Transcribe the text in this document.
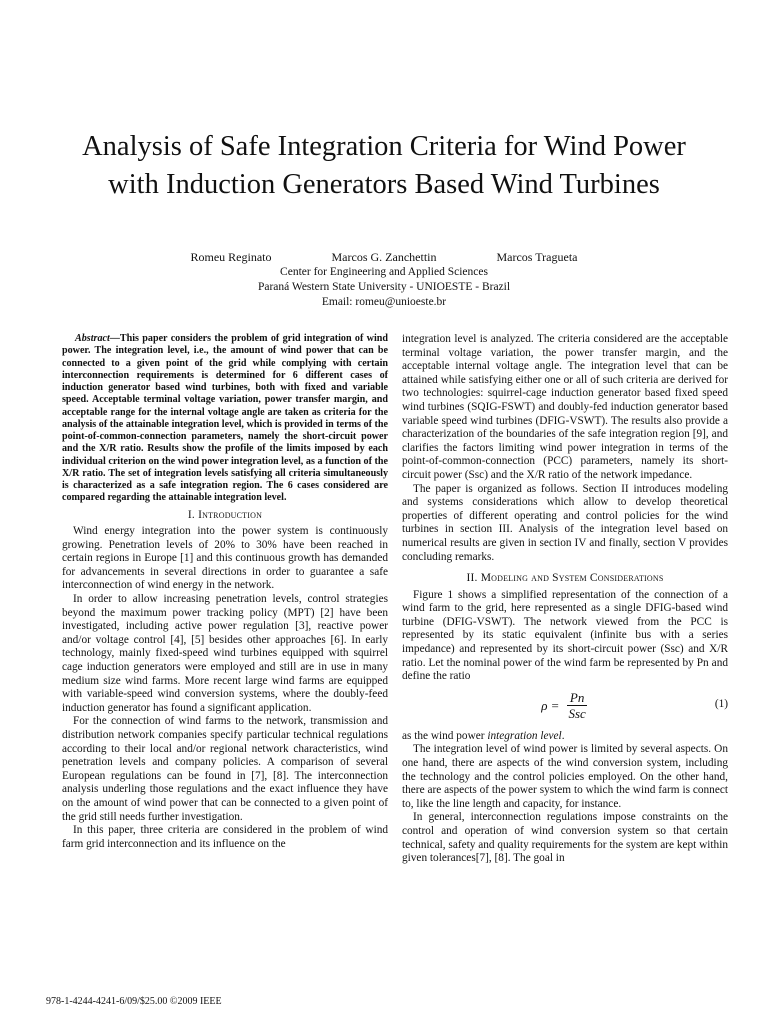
Analysis of Safe Integration Criteria for Wind Power with Induction Generators Based Wind Turbines
Romeu Reginato	Marcos G. Zanchettin	Marcos Tragueta
Center for Engineering and Applied Sciences
Paraná Western State University - UNIOESTE - Brazil
Email: romeu@unioeste.br

Abstract—This paper considers the problem of grid integration of wind power. The integration level, i.e., the amount of wind power that can be connected to a given point of the grid while complying with certain interconnection requirements is determined for 6 different cases of induction generator based wind turbines, both with fixed and variable speed. Acceptable terminal voltage variation, power transfer margin, and acceptable range for the internal voltage angle are taken as criteria for the analysis of the attainable integration level, which is provided in terms of the point-of-common-connection parameters, namely the short-circuit power and the X/R ratio. Results show the profile of the limits imposed by each individual criterion on the wind power integration level, as a function of the X/R ratio. The set of integration levels satisfying all criteria simultaneously is characterized as a safe integration region. The 6 cases considered are compared regarding the attainable integration level.

I. Introduction

Wind energy integration into the power system is continuously growing. Penetration levels of 20% to 30% have been reached in certain regions in Europe [1] and this continuous growth has demanded for advancements in several directions in order to guarantee a safe interconnection of wind energy in the network.

In order to allow increasing penetration levels, control strategies beyond the maximum power tracking policy (MPT) [2] have been investigated, including active power regulation [3], reactive power and/or voltage control [4], [5] besides other approaches [6]. In early technology, mainly fixed-speed wind turbines equipped with squirrel cage induction generators were employed and still are in use in many medium size wind farms. More recent large wind farms are equipped with variable-speed wind conversion systems, where the doubly-feed induction generator has found a significant application.

For the connection of wind farms to the network, transmission and distribution network companies specify particular technical regulations according to their local and/or regional network characteristics, wind penetration levels and company policies. A comparison of several European regulations can be found in [7], [8]. The interconnection analysis underling those regulations and the exact influence they have on the amount of wind power that can be connected to a given point of the grid still needs further investigation.

In this paper, three criteria are considered in the problem of wind farm grid interconnection and its influence on the

integration level is analyzed. The criteria considered are the acceptable terminal voltage variation, the power transfer margin, and the acceptable internal voltage angle. The integration level that can be attained while satisfying either one or all of such criteria are derived for two technologies: squirrel-cage induction generator based fixed speed wind turbines (SQIG-FSWT) and doubly-fed induction generator based variable speed wind turbines (DFIG-VSWT). The results also provide a characterization of the boundaries of the safe integration region [9], and clarifies the factors limiting wind power integration in terms of the point-of-common-connection (PCC) parameters, namely its short-circuit power (Ssc) and the X/R ratio of the network impedance.

The paper is organized as follows. Section II introduces modeling and systems considerations which allow to develop theoretical properties of different operating and control policies for the wind turbines in section III. Analysis of the integration level based on numerical results are given in section IV and finally, section V provides concluding remarks.

II. Modeling and System Considerations

Figure 1 shows a simplified representation of the connection of a wind farm to the grid, here represented as a single DFIG-based wind turbine (DFIG-VSWT). The network viewed from the PCC is represented by its static equivalent (infinite bus with a series impedance) and represented by its short-circuit power (Ssc) and X/R ratio. Let the nominal power of the wind farm be represented by Pn and define the ratio

$\rho = \frac{Pn}{\text{Ssc}}$	(1)

as the wind power integration level.

The integration level of wind power is limited by several aspects. On one hand, there are aspects of the wind conversion system, including the technology and the control policies employed. On the other hand, there are aspects of the power system to which the wind farm is connect to, like the line length and capacity, for instance.

In general, interconnection regulations impose constraints on the control and operation of wind conversion system so that certain technical, safety and quality requirements for the system are kept within given tolerances[7], [8]. The goal in

978-1-4244-4241-6/09/$25.00 ©2009 IEEE
